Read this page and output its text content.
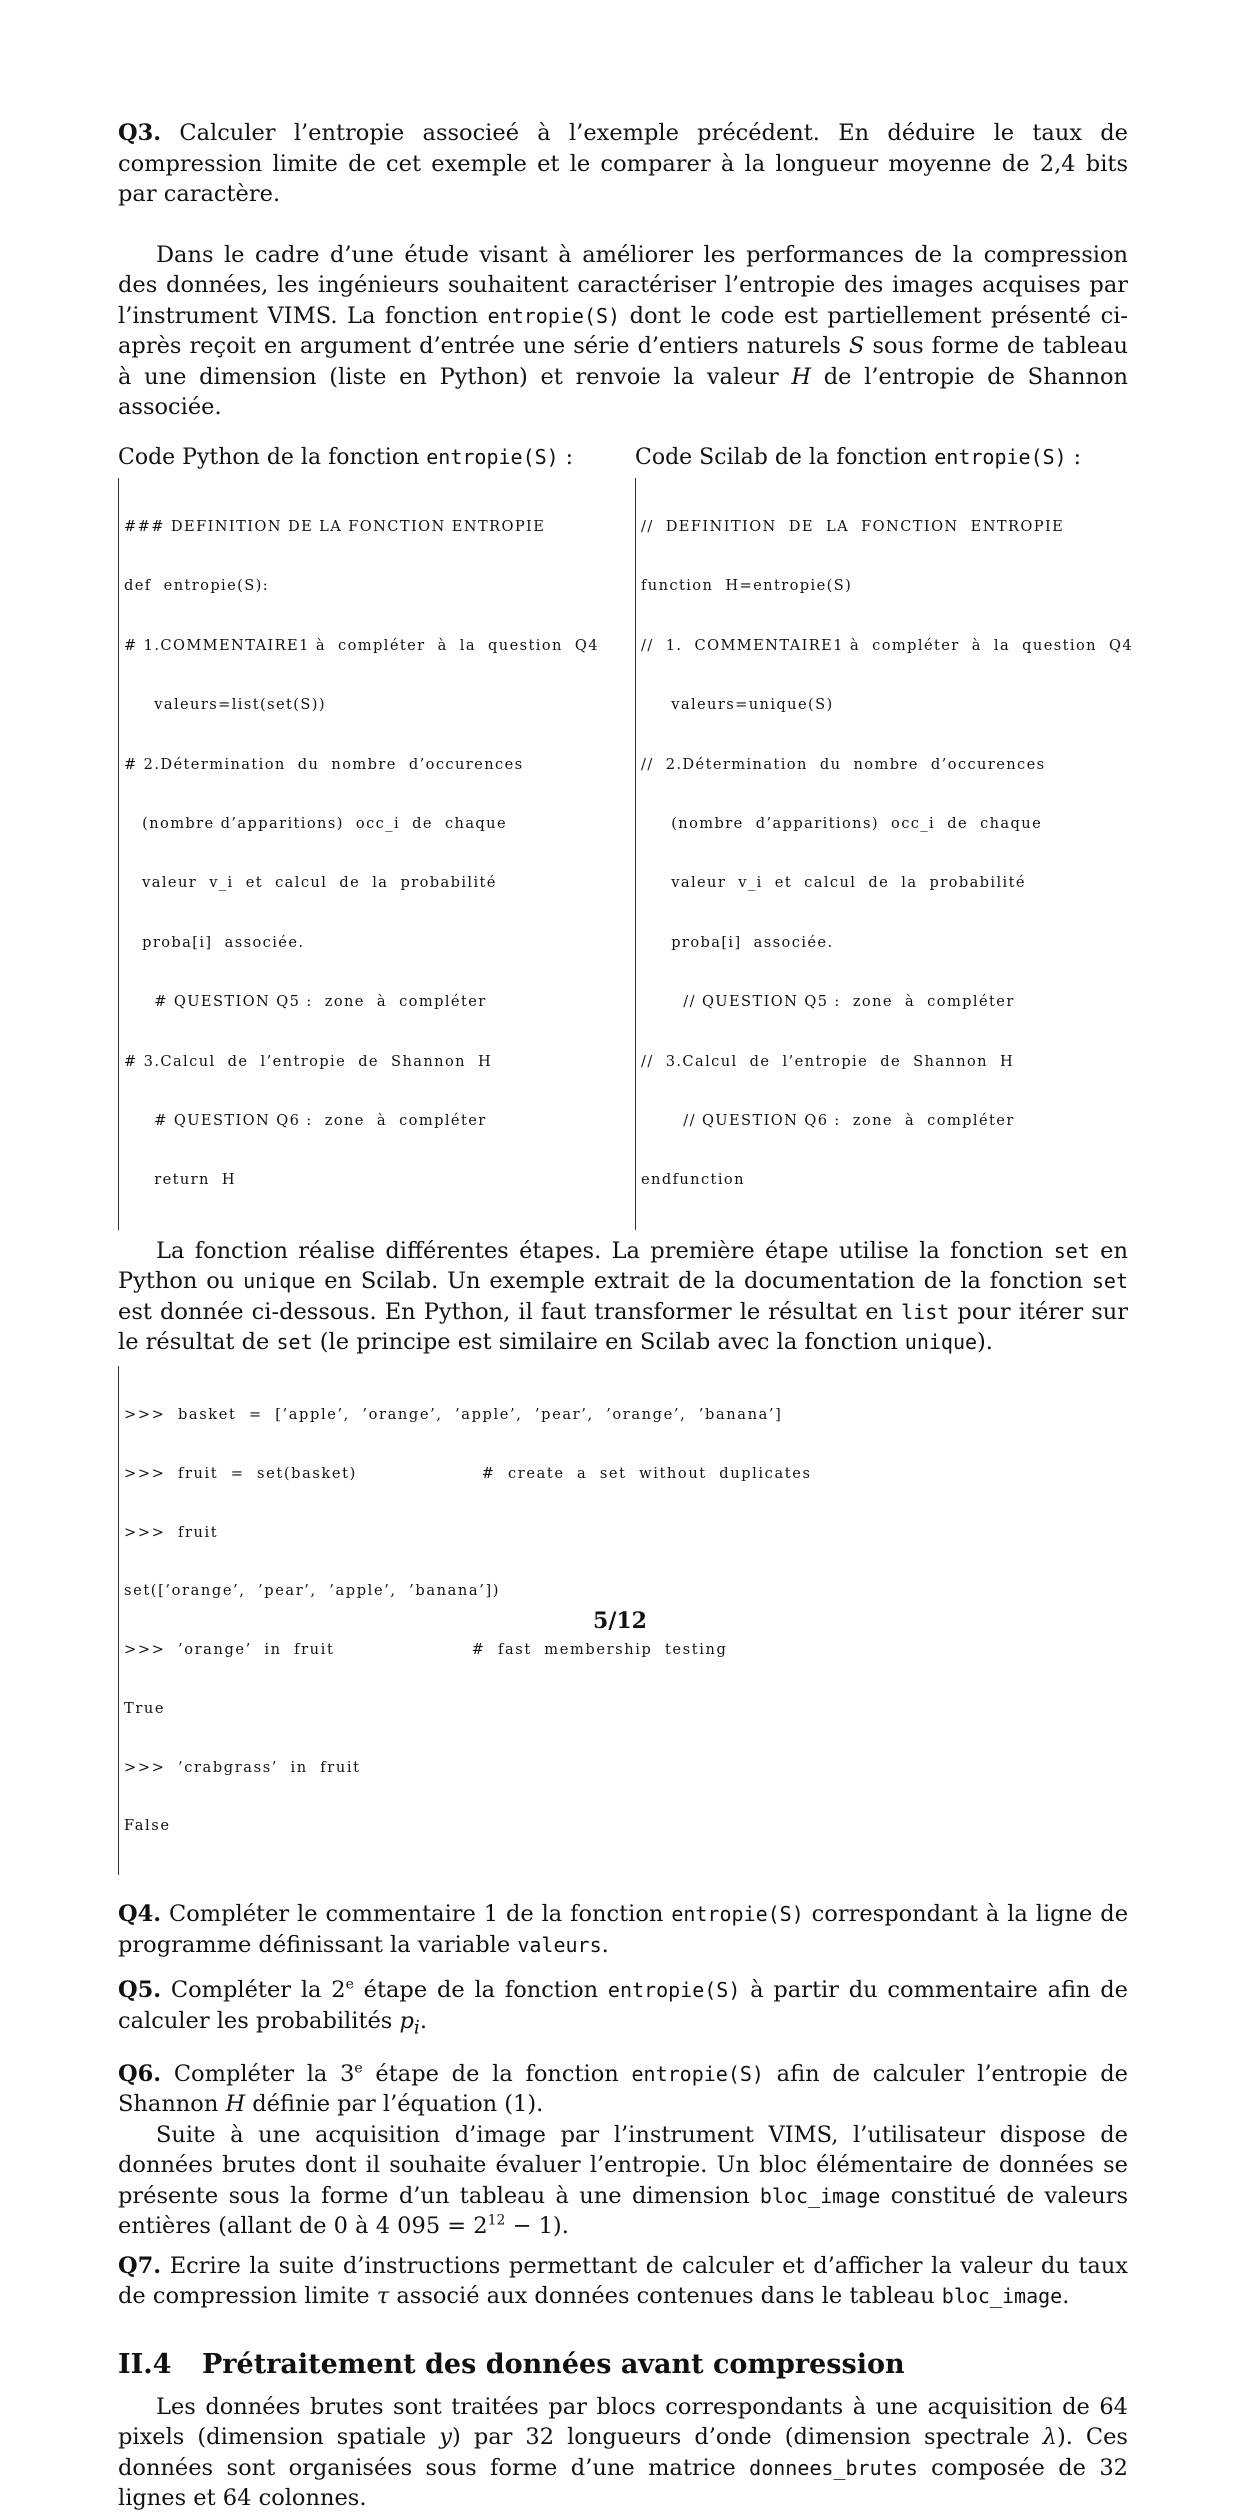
Q3. Calculer l’entropie associeé à l’exemple précédent. En déduire le taux de compression limite de cet exemple et le comparer à la longueur moyenne de 2,4 bits par caractère.

Dans le cadre d’une étude visant à améliorer les performances de la compression des données, les ingénieurs souhaitent caractériser l’entropie des images acquises par l’instrument VIMS. La fonction entropie(S) dont le code est partiellement présenté ci-après reçoit en argument d’entrée une série d’entiers naturels S sous forme de tableau à une dimension (liste en Python) et renvoie la valeur H de l’entropie de Shannon associée.

Code Python de la fonction entropie(S) :

### DEFINITION DE LA FONCTION ENTROPIE

def  entropie(S):

# 1.COMMENTAIRE1 à  compléter  à  la  question  Q4

valeurs=list(set(S))

# 2.Détermination  du  nombre  d’occurences

(nombre d’apparitions)  occ_i  de  chaque

valeur  v_i  et  calcul  de  la  probabilité

proba[i]  associée.

# QUESTION Q5 :  zone  à  compléter

# 3.Calcul  de  l’entropie  de  Shannon  H

# QUESTION Q6 :  zone  à  compléter

return  H

Code Scilab de la fonction entropie(S) :

//  DEFINITION  DE  LA  FONCTION  ENTROPIE

function  H=entropie(S)

//  1.  COMMENTAIRE1 à  compléter  à  la  question  Q4

valeurs=unique(S)

//  2.Détermination  du  nombre  d’occurences

(nombre  d’apparitions)  occ_i  de  chaque

valeur  v_i  et  calcul  de  la  probabilité

proba[i]  associée.

// QUESTION Q5 :  zone  à  compléter

//  3.Calcul  de  l’entropie  de  Shannon  H

// QUESTION Q6 :  zone  à  compléter

endfunction

La fonction réalise différentes étapes. La première étape utilise la fonction set en Python ou unique en Scilab. Un exemple extrait de la documentation de la fonction set est donnée ci-dessous. En Python, il faut transformer le résultat en list pour itérer sur le résultat de set (le principe est similaire en Scilab avec la fonction unique).

>>>  basket  =  [’apple’,  ’orange’,  ’apple’,  ’pear’,  ’orange’,  ’banana’]

>>>  fruit  =  set(basket)                    #  create  a  set  without  duplicates

>>>  fruit

set([’orange’,  ’pear’,  ’apple’,  ’banana’])

>>>  ’orange’  in  fruit                      #  fast  membership  testing

True

>>>  ’crabgrass’  in  fruit

False

Q4. Compléter le commentaire 1 de la fonction entropie(S) correspondant à la ligne de programme définissant la variable valeurs.

Q5. Compléter la 2e étape de la fonction entropie(S) à partir du commentaire afin de calculer les probabilités $p_i$.

Q6. Compléter la 3e étape de la fonction entropie(S) afin de calculer l’entropie de Shannon H définie par l’équation (1).

Suite à une acquisition d’image par l’instrument VIMS, l’utilisateur dispose de données brutes dont il souhaite évaluer l’entropie. Un bloc élémentaire de données se présente sous la forme d’un tableau à une dimension bloc_image constitué de valeurs entières (allant de 0 à 4 $095 = 2^{12} - 1$).

Q7. Ecrire la suite d’instructions permettant de calculer et d’afficher la valeur du taux de compression limite τ associé aux données contenues dans le tableau bloc_image.

II.4 Prétraitement des données avant compression

Les données brutes sont traitées par blocs correspondants à une acquisition de 64 pixels (dimension spatiale y) par 32 longueurs d’onde (dimension spectrale λ). Ces données sont organisées sous forme d’une matrice donnees_brutes composée de 32 lignes et 64 colonnes.

5/12
